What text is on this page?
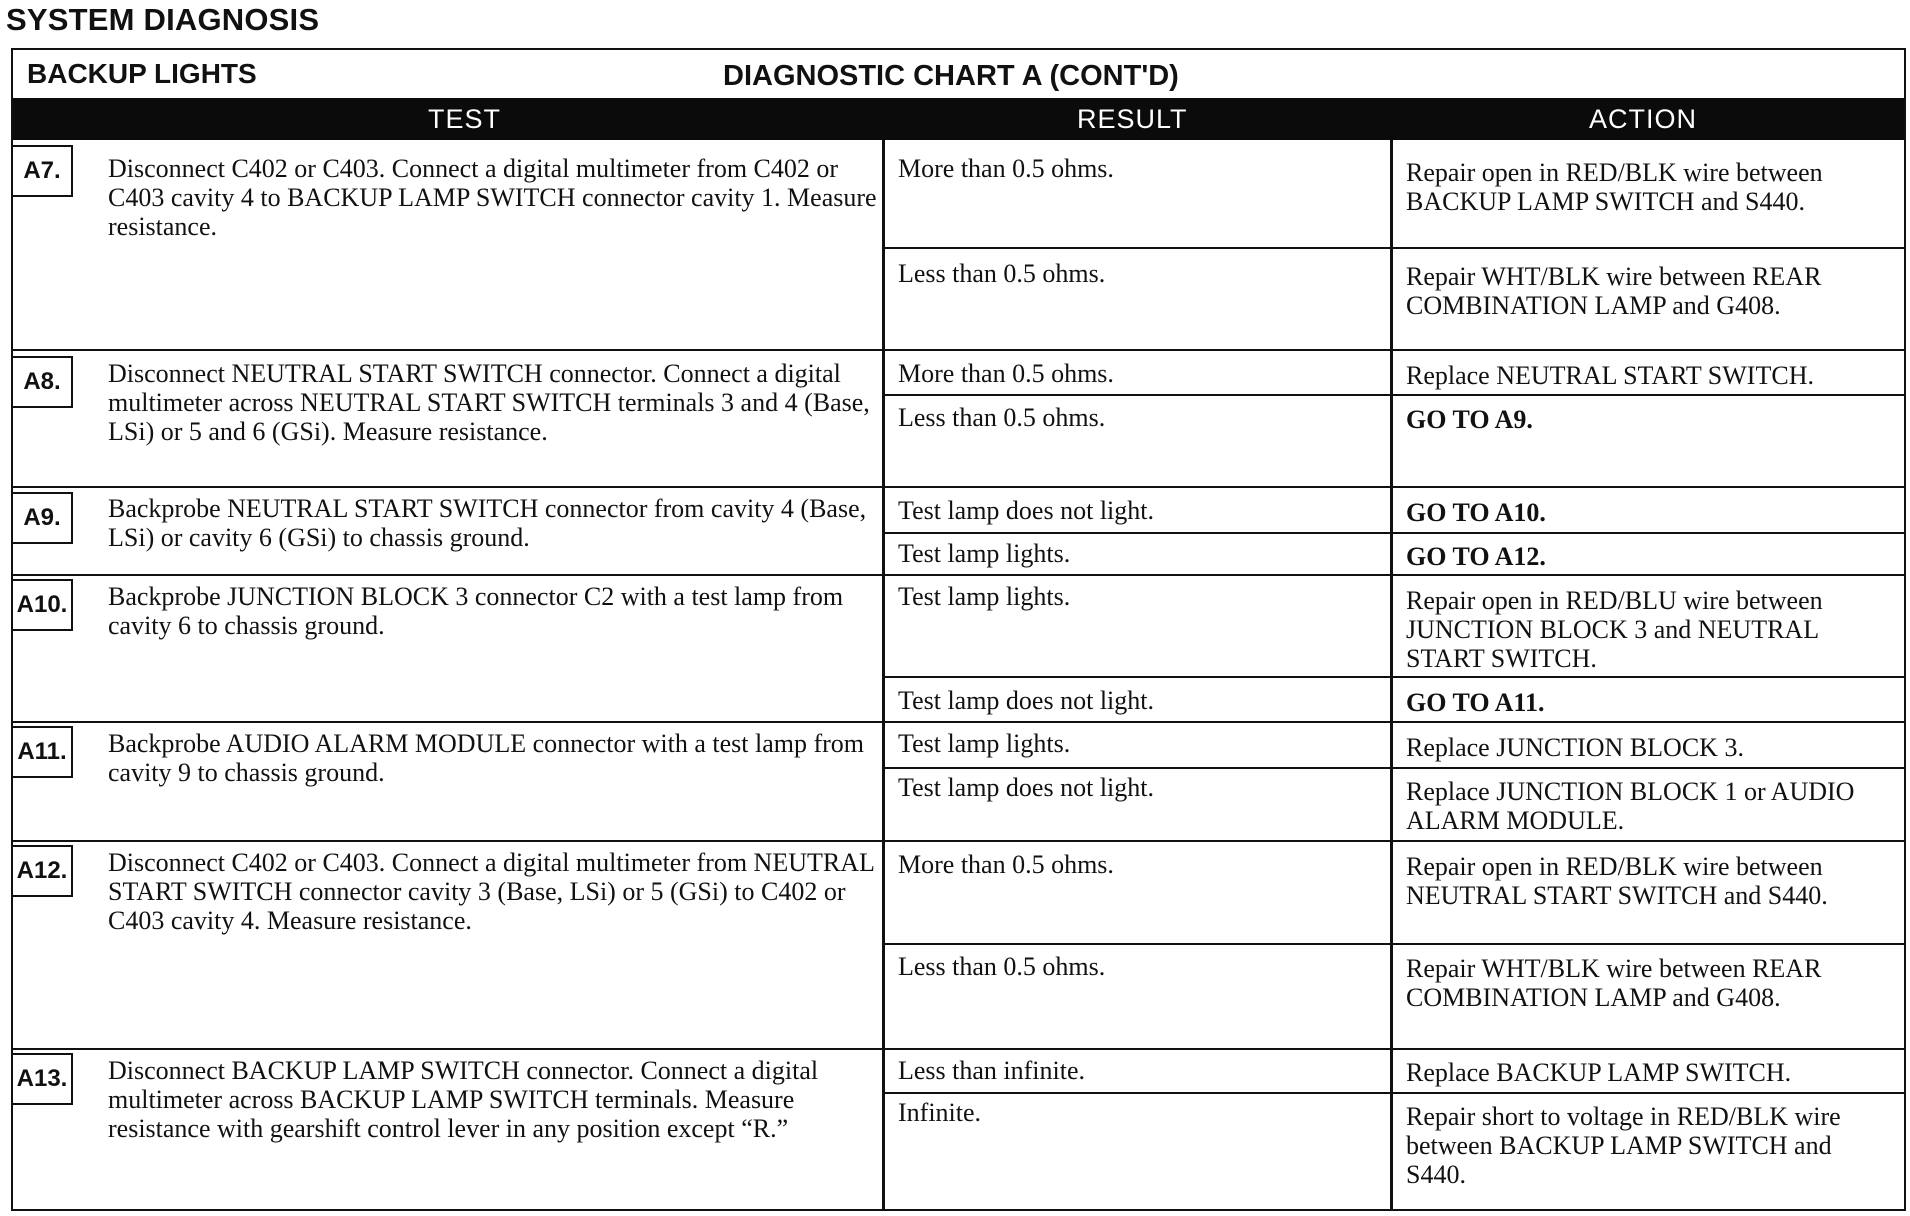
SYSTEM DIAGNOSIS
BACKUP LIGHTS	DIAGNOSTIC CHART A (CONT'D)
TEST	RESULT	ACTION
A7.	Disconnect C402 or C403. Connect a digital multimeter from C402 or C403 cavity 4 to BACKUP LAMP SWITCH connector cavity 1. Measure resistance.
More than 0.5 ohms.	Repair open in RED/BLK wire between BACKUP LAMP SWITCH and S440.
Less than 0.5 ohms.	Repair WHT/BLK wire between REAR COMBINATION LAMP and G408.
A8.	Disconnect NEUTRAL START SWITCH connector. Connect a digital multimeter across NEUTRAL START SWITCH terminals 3 and 4 (Base, LSi) or 5 and 6 (GSi). Measure resistance.
More than 0.5 ohms.	Replace NEUTRAL START SWITCH.
Less than 0.5 ohms.	GO TO A9.
A9.	Backprobe NEUTRAL START SWITCH connector from cavity 4 (Base, LSi) or cavity 6 (GSi) to chassis ground.
Test lamp does not light.	GO TO A10.
Test lamp lights.	GO TO A12.
A10. Backprobe JUNCTION BLOCK 3 connector C2 with a test lamp from cavity 6 to chassis ground.
Test lamp lights.	Repair open in RED/BLU wire between JUNCTION BLOCK 3 and NEUTRAL START SWITCH.
Test lamp does not light.	GO TO A11.
A11. Backprobe AUDIO ALARM MODULE connector with a test lamp from cavity 9 to chassis ground.
Test lamp lights.	Replace JUNCTION BLOCK 3.
Test lamp does not light.	Replace JUNCTION BLOCK 1 or AUDIO ALARM MODULE.
A12. Disconnect C402 or C403. Connect a digital multimeter from NEUTRAL START SWITCH connector cavity 3 (Base, LSi) or 5 (GSi) to C402 or C403 cavity 4. Measure resistance.
More than 0.5 ohms.	Repair open in RED/BLK wire between NEUTRAL START SWITCH and S440.
Less than 0.5 ohms.	Repair WHT/BLK wire between REAR COMBINATION LAMP and G408.
A13. Disconnect BACKUP LAMP SWITCH connector. Connect a digital multimeter across BACKUP LAMP SWITCH terminals. Measure resistance with gearshift control lever in any position except “R.”
Less than infinite.	Replace BACKUP LAMP SWITCH.
Infinite.	Repair short to voltage in RED/BLK wire between BACKUP LAMP SWITCH and S440.
